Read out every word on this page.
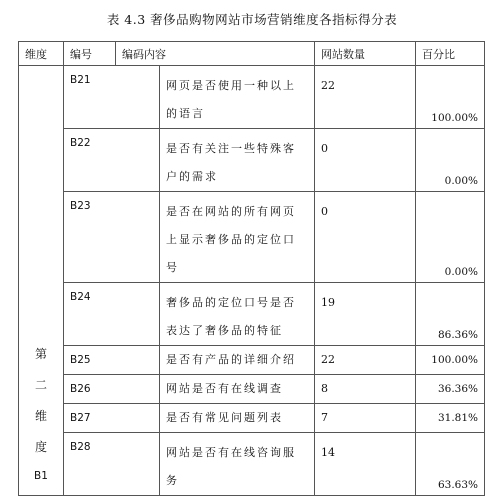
表 4.3 奢侈品购物网站市场营销维度各指标得分表
维度	编号	编码内容		网站数量	百分比

第
二
维
度
B1	B21		网页是否使用一种以上的语言	22	100.00%
	B22		是否有关注一些特殊客户的需求	0	0.00%
	B23		是否在网站的所有网页上显示奢侈品的定位口号	0	0.00%
	B24		奢侈品的定位口号是否表达了奢侈品的特征	19	86.36%
	B25		是否有产品的详细介绍	22	100.00%
	B26		网站是否有在线调查	8	36.36%
	B27		是否有常见问题列表	7	31.81%
	B28		网站是否有在线咨询服务	14	63.63%
